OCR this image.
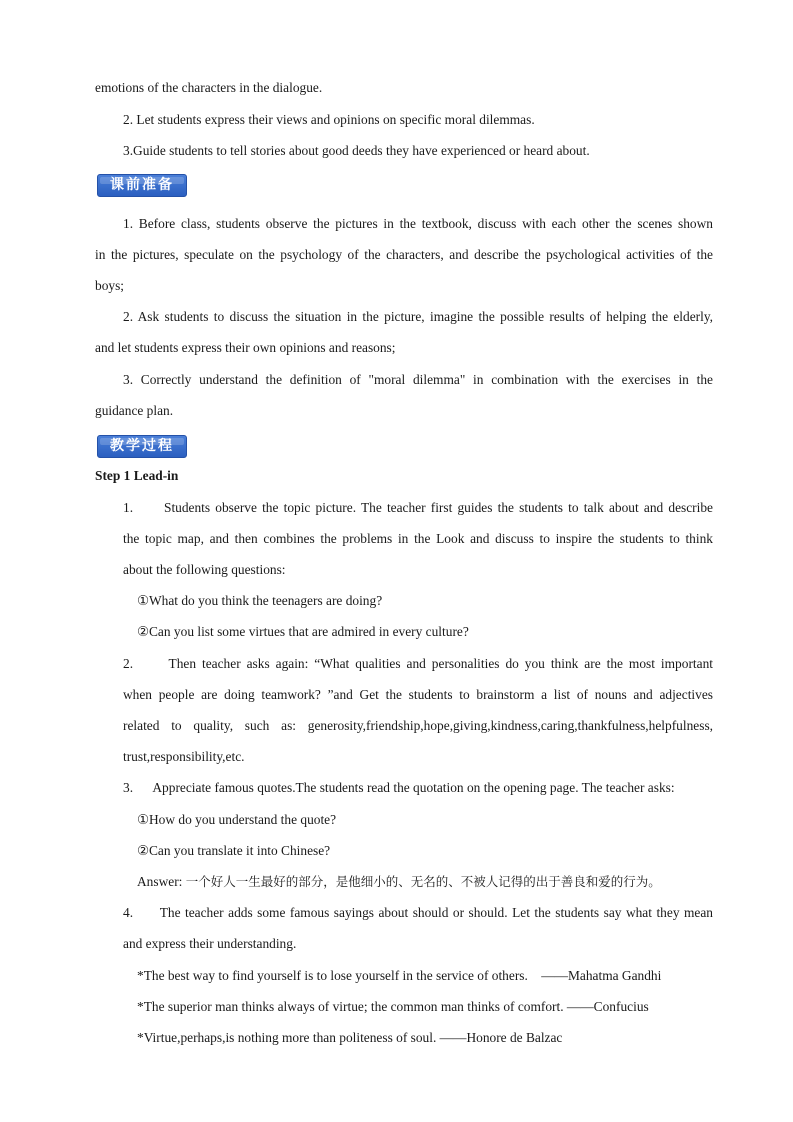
emotions of the characters in the dialogue.
2. Let students express their views and opinions on specific moral dilemmas.
3.Guide students to tell stories about good deeds they have experienced or heard about.
课前准备
1. Before class, students observe the pictures in the textbook, discuss with each other the scenes shown
in the pictures, speculate on the psychology of the characters, and describe the psychological activities of the
boys;
2. Ask students to discuss the situation in the picture, imagine the possible results of helping the elderly,
and let students express their own opinions and reasons;
3. Correctly understand the definition of "moral dilemma" in combination with the exercises in the
guidance plan.
教学过程
Step 1 Lead-in
1.      Students observe the topic picture. The teacher first guides the students to talk about and describe
the topic map, and then combines the problems in the Look and discuss to inspire the students to think
about the following questions:
①What do you think the teenagers are doing?
②Can you list some virtues that are admired in every culture?
2.      Then teacher asks again: “What qualities and personalities do you think are the most important
when people are doing teamwork? ”and Get the students to brainstorm a list of nouns and adjectives
related to quality, such as: generosity,friendship,hope,giving,kindness,caring,thankfulness,helpfulness,
trust,responsibility,etc.
3.      Appreciate famous quotes.The students read the quotation on the opening page. The teacher asks:
①How do you understand the quote?
②Can you translate it into Chinese?
Answer: 一个好人一生最好的部分，是他细小的、无名的、不被人记得的出于善良和爱的行为。
4.      The teacher adds some famous sayings about should or should. Let the students say what they mean
and express their understanding.
*The best way to find yourself is to lose yourself in the service of others.    ——Mahatma Gandhi
*The superior man thinks always of virtue; the common man thinks of comfort. ——Confucius
*Virtue,perhaps,is nothing more than politeness of soul. ——Honore de Balzac
